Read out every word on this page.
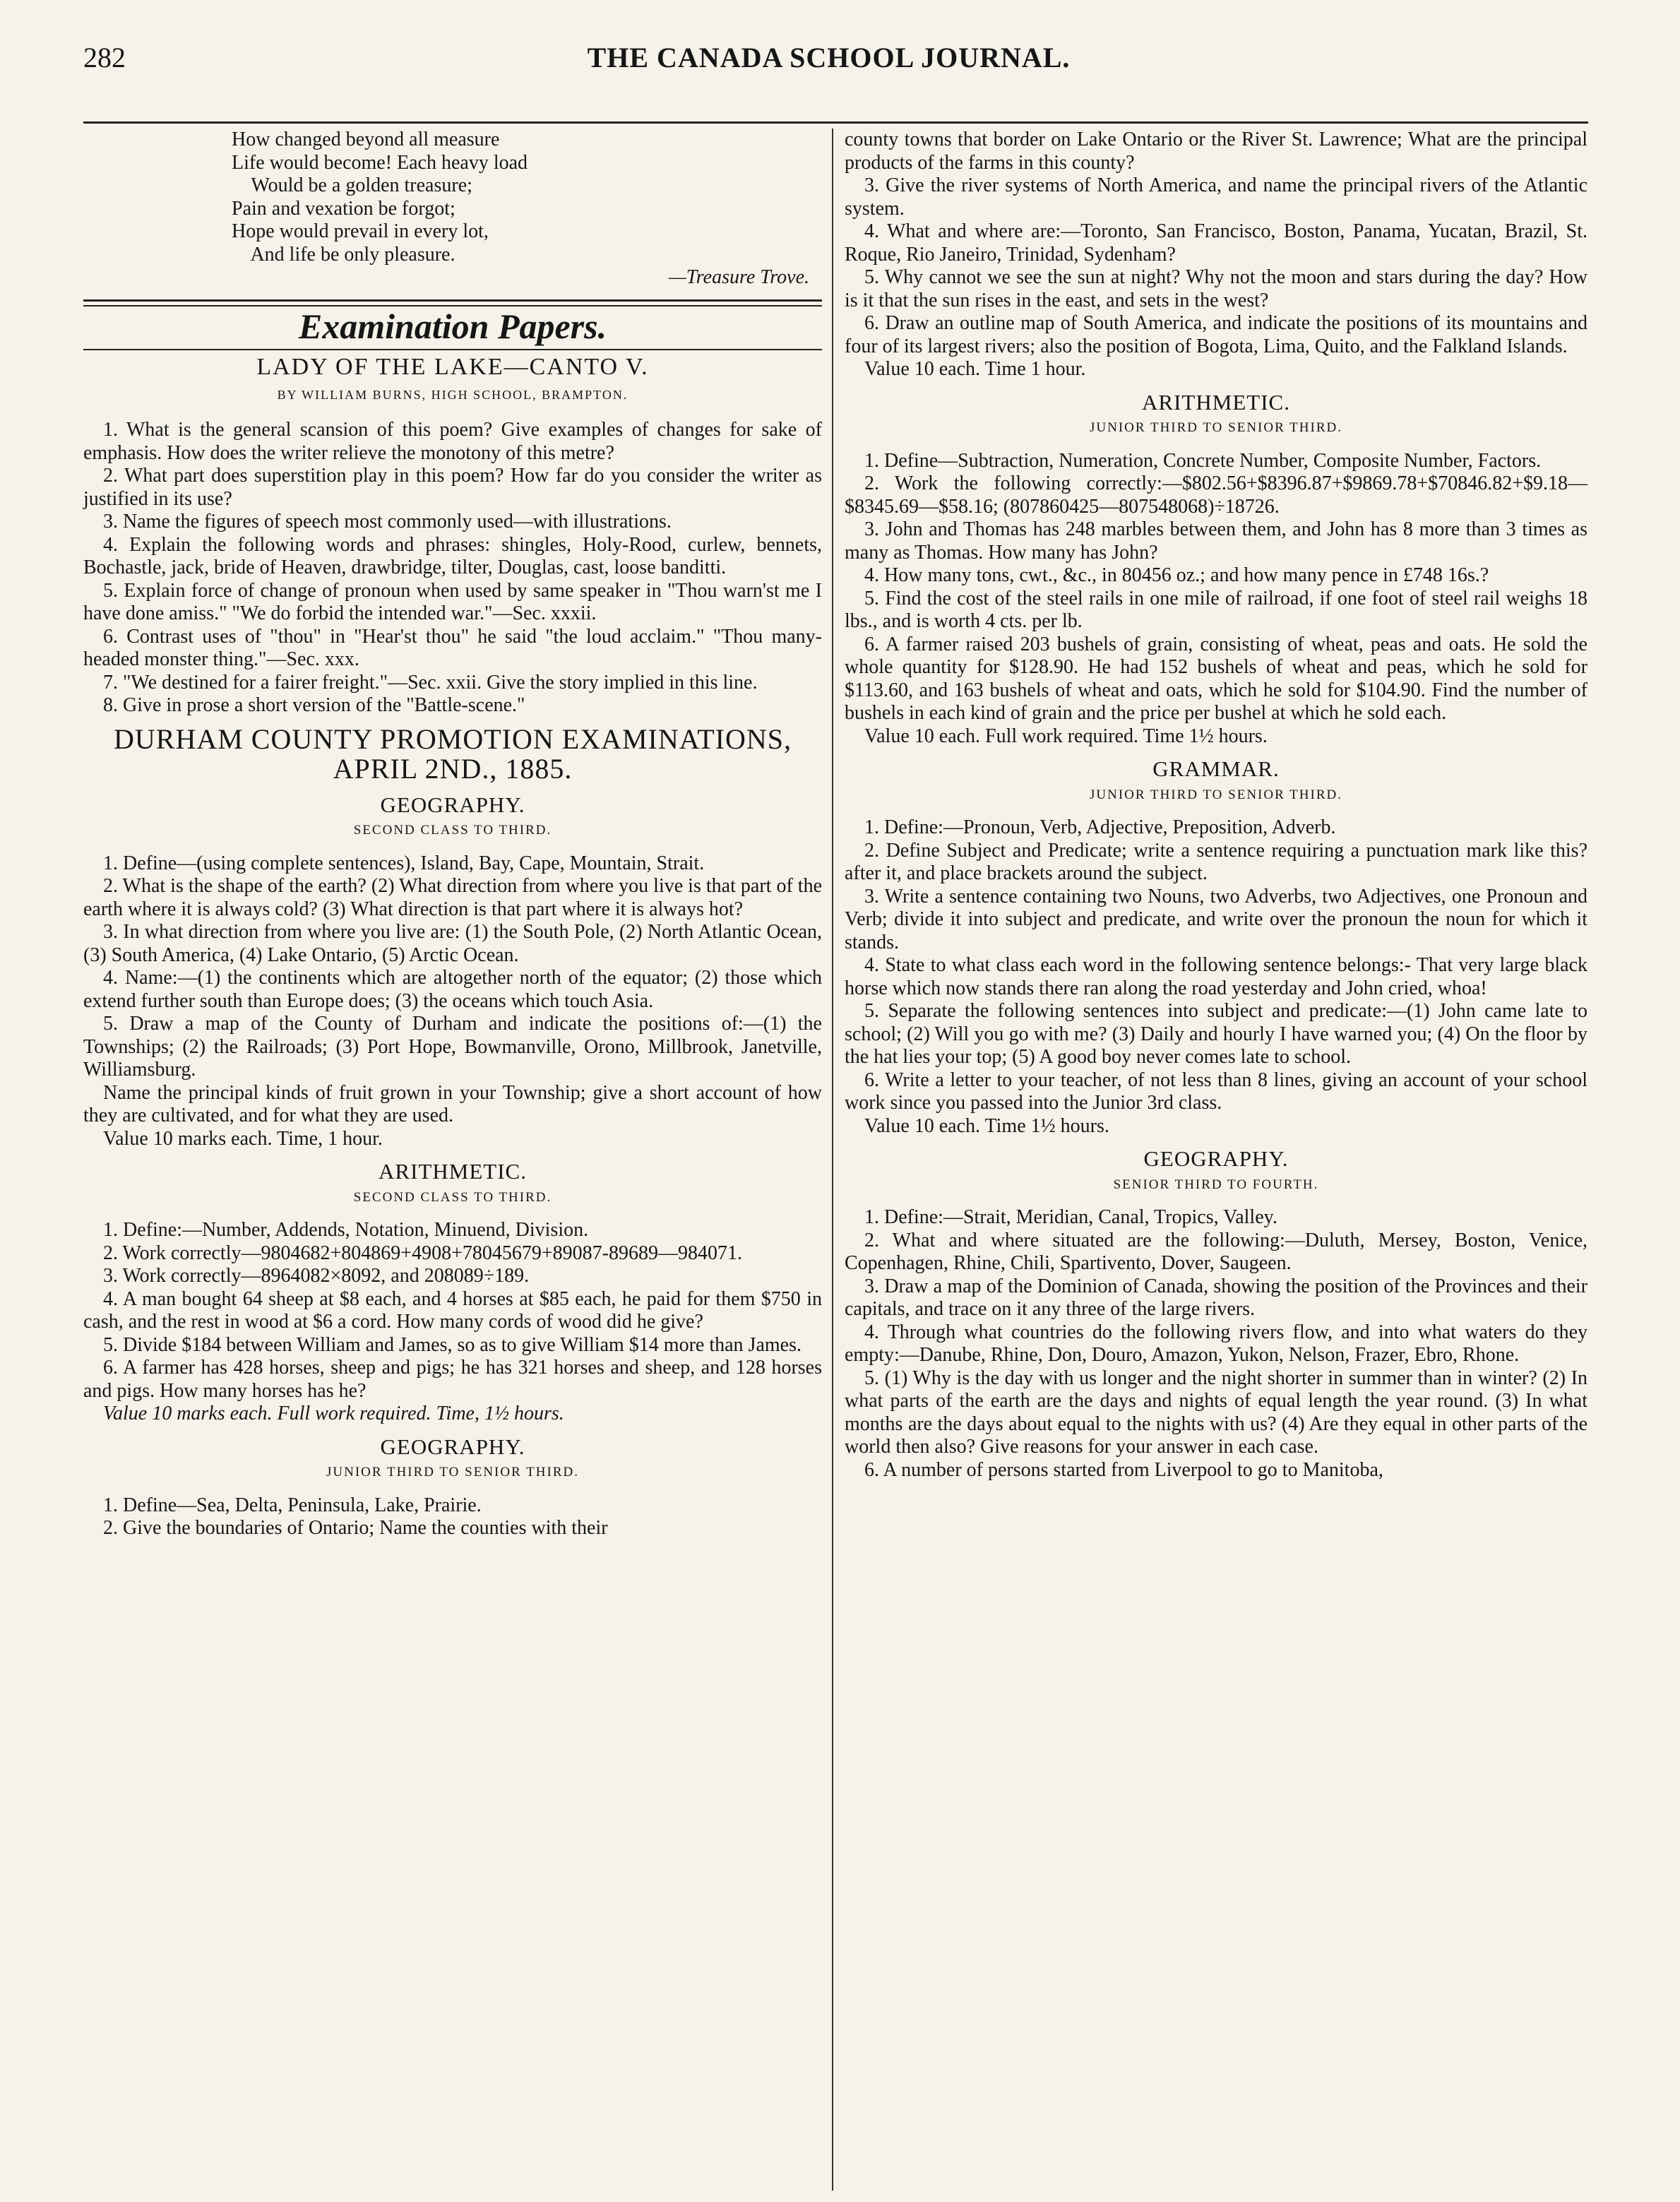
282	THE CANADA SCHOOL JOURNAL.
How changed beyond all measure
Life would become! Each heavy load
Would be a golden treasure;
Pain and vexation be forgot;
Hope would prevail in every lot,
And life be only pleasure.
—Treasure Trove.
Examination Papers.
LADY OF THE LAKE—CANTO V.
BY WILLIAM BURNS, HIGH SCHOOL, BRAMPTON.

1. What is the general scansion of this poem? Give examples of changes for sake of emphasis. How does the writer relieve the monotony of this metre?

2. What part does superstition play in this poem? How far do you consider the writer as justified in its use?

3. Name the figures of speech most commonly used—with illustrations.

4. Explain the following words and phrases: shingles, Holy-Rood, curlew, bennets, Bochastle, jack, bride of Heaven, drawbridge, tilter, Douglas, cast, loose banditti.

5. Explain force of change of pronoun when used by same speaker in "Thou warn'st me I have done amiss." "We do forbid the intended war."—Sec. xxxii.

6. Contrast uses of "thou" in "Hear'st thou" he said "the loud acclaim." "Thou many-headed monster thing."—Sec. xxx.

7. "We destined for a fairer freight."—Sec. xxii. Give the story implied in this line.

8. Give in prose a short version of the "Battle-scene."

DURHAM COUNTY PROMOTION EXAMINATIONS, APRIL 2ND., 1885.
GEOGRAPHY.
SECOND CLASS TO THIRD.

1. Define—(using complete sentences), Island, Bay, Cape, Mountain, Strait.

2. What is the shape of the earth? (2) What direction from where you live is that part of the earth where it is always cold? (3) What direction is that part where it is always hot?

3. In what direction from where you live are: (1) the South Pole, (2) North Atlantic Ocean, (3) South America, (4) Lake Ontario, (5) Arctic Ocean.

4. Name:—(1) the continents which are altogether north of the equator; (2) those which extend further south than Europe does; (3) the oceans which touch Asia.

5. Draw a map of the County of Durham and indicate the positions of:—(1) the Townships; (2) the Railroads; (3) Port Hope, Bowmanville, Orono, Millbrook, Janetville, Williamsburg.

Name the principal kinds of fruit grown in your Township; give a short account of how they are cultivated, and for what they are used.

Value 10 marks each. Time, 1 hour.

ARITHMETIC.
SECOND CLASS TO THIRD.

1. Define:—Number, Addends, Notation, Minuend, Division.

2. Work correctly—9804682+804869+4908+78045679+89087-89689—984071.

3. Work correctly—8964082×8092, and 208089÷189.

4. A man bought 64 sheep at $8 each, and 4 horses at $85 each, he paid for them $750 in cash, and the rest in wood at $6 a cord. How many cords of wood did he give?

5. Divide $184 between William and James, so as to give William $14 more than James.

6. A farmer has 428 horses, sheep and pigs; he has 321 horses and sheep, and 128 horses and pigs. How many horses has he?

Value 10 marks each. Full work required. Time, 1½ hours.

GEOGRAPHY.
JUNIOR THIRD TO SENIOR THIRD.

1. Define—Sea, Delta, Peninsula, Lake, Prairie.

2. Give the boundaries of Ontario; Name the counties with their

county towns that border on Lake Ontario or the River St. Lawrence; What are the principal products of the farms in this county?

3. Give the river systems of North America, and name the principal rivers of the Atlantic system.

4. What and where are:—Toronto, San Francisco, Boston, Panama, Yucatan, Brazil, St. Roque, Rio Janeiro, Trinidad, Sydenham?

5. Why cannot we see the sun at night? Why not the moon and stars during the day? How is it that the sun rises in the east, and sets in the west?

6. Draw an outline map of South America, and indicate the positions of its mountains and four of its largest rivers; also the position of Bogota, Lima, Quito, and the Falkland Islands.

Value 10 each. Time 1 hour.

ARITHMETIC.
JUNIOR THIRD TO SENIOR THIRD.

1. Define—Subtraction, Numeration, Concrete Number, Composite Number, Factors.

2. Work the following correctly:—$802.56+$8396.87+$9869.78+$70846.82+$9.18—$8345.69—$58.16; (807860425—807548068)÷18726.

3. John and Thomas has 248 marbles between them, and John has 8 more than 3 times as many as Thomas. How many has John?

4. How many tons, cwt., &c., in 80456 oz.; and how many pence in £748 16s.?

5. Find the cost of the steel rails in one mile of railroad, if one foot of steel rail weighs 18 lbs., and is worth 4 cts. per lb.

6. A farmer raised 203 bushels of grain, consisting of wheat, peas and oats. He sold the whole quantity for $128.90. He had 152 bushels of wheat and peas, which he sold for $113.60, and 163 bushels of wheat and oats, which he sold for $104.90. Find the number of bushels in each kind of grain and the price per bushel at which he sold each.

Value 10 each. Full work required. Time 1½ hours.

GRAMMAR.
JUNIOR THIRD TO SENIOR THIRD.

1. Define:—Pronoun, Verb, Adjective, Preposition, Adverb.

2. Define Subject and Predicate; write a sentence requiring a punctuation mark like this? after it, and place brackets around the subject.

3. Write a sentence containing two Nouns, two Adverbs, two Adjectives, one Pronoun and Verb; divide it into subject and predicate, and write over the pronoun the noun for which it stands.

4. State to what class each word in the following sentence belongs:- That very large black horse which now stands there ran along the road yesterday and John cried, whoa!

5. Separate the following sentences into subject and predicate:—(1) John came late to school; (2) Will you go with me? (3) Daily and hourly I have warned you; (4) On the floor by the hat lies your top; (5) A good boy never comes late to school.

6. Write a letter to your teacher, of not less than 8 lines, giving an account of your school work since you passed into the Junior 3rd class.

Value 10 each. Time 1½ hours.

GEOGRAPHY.
SENIOR THIRD TO FOURTH.

1. Define:—Strait, Meridian, Canal, Tropics, Valley.

2. What and where situated are the following:—Duluth, Mersey, Boston, Venice, Copenhagen, Rhine, Chili, Spartivento, Dover, Saugeen.

3. Draw a map of the Dominion of Canada, showing the position of the Provinces and their capitals, and trace on it any three of the large rivers.

4. Through what countries do the following rivers flow, and into what waters do they empty:—Danube, Rhine, Don, Douro, Amazon, Yukon, Nelson, Frazer, Ebro, Rhone.

5. (1) Why is the day with us longer and the night shorter in summer than in winter? (2) In what parts of the earth are the days and nights of equal length the year round. (3) In what months are the days about equal to the nights with us? (4) Are they equal in other parts of the world then also? Give reasons for your answer in each case.

6. A number of persons started from Liverpool to go to Manitoba,
